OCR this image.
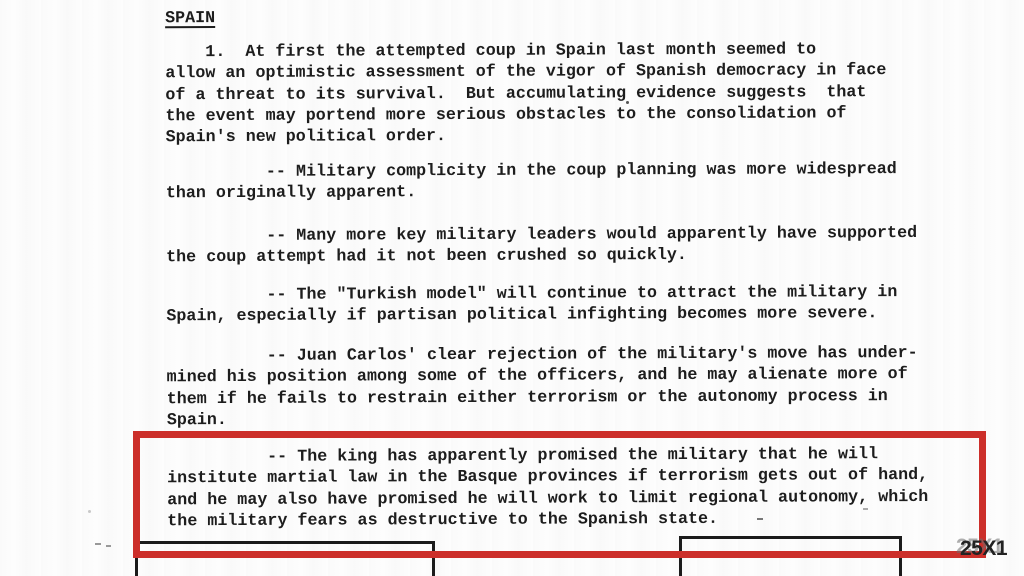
SPAIN
1.  At first the attempted coup in Spain last month seemed to
allow an optimistic assessment of the vigor of Spanish democracy in face
of a threat to its survival.  But accumulating evidence suggests  that
the event may portend more serious obstacles to the consolidation of
Spain's new political order.
-- Military complicity in the coup planning was more widespread
than originally apparent.
-- Many more key military leaders would apparently have supported
the coup attempt had it not been crushed so quickly.
-- The "Turkish model" will continue to attract the military in
Spain, especially if partisan political infighting becomes more severe.
-- Juan Carlos' clear rejection of the military's move has under-
mined his position among some of the officers, and he may alienate more of
them if he fails to restrain either terrorism or the autonomy process in
Spain.
-- The king has apparently promised the military that he will
institute martial law in the Basque provinces if terrorism gets out of hand,
and he may also have promised he will work to limit regional autonomy, which
the military fears as destructive to the Spanish state.
25X1
